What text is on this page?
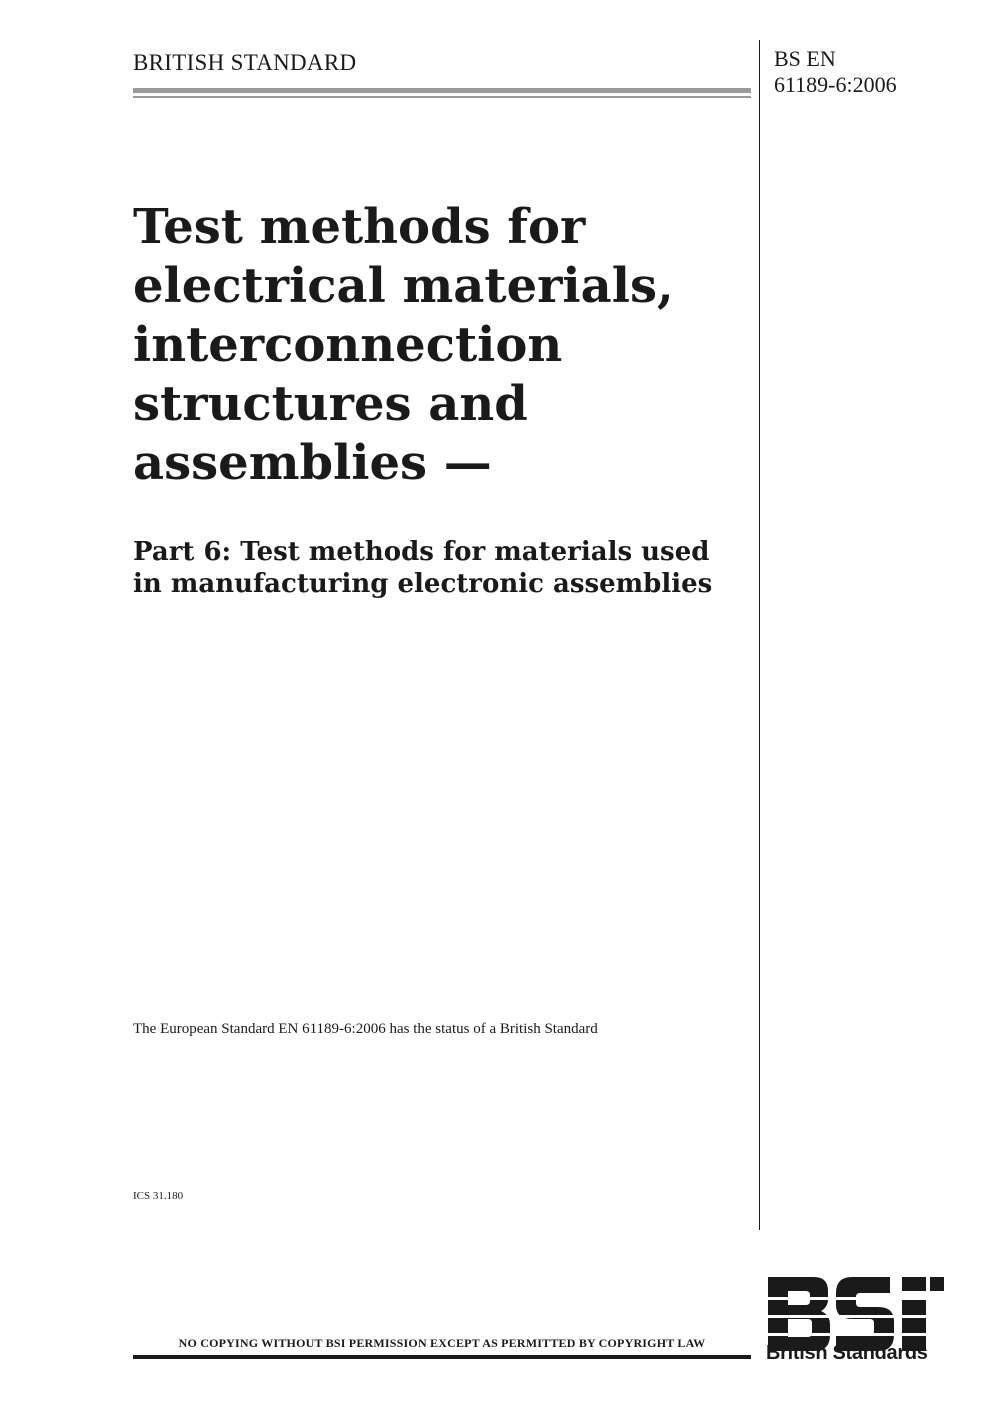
BRITISH STANDARD	BS EN
61189-6:2006
Test methods for
electrical materials,
interconnection
structures and
assemblies —
Part 6: Test methods for materials used
in manufacturing electronic assemblies
The European Standard EN 61189-6:2006 has the status of a British Standard
ICS 31.180
NO COPYING WITHOUT BSI PERMISSION EXCEPT AS PERMITTED BY COPYRIGHT LAW	British Standards
